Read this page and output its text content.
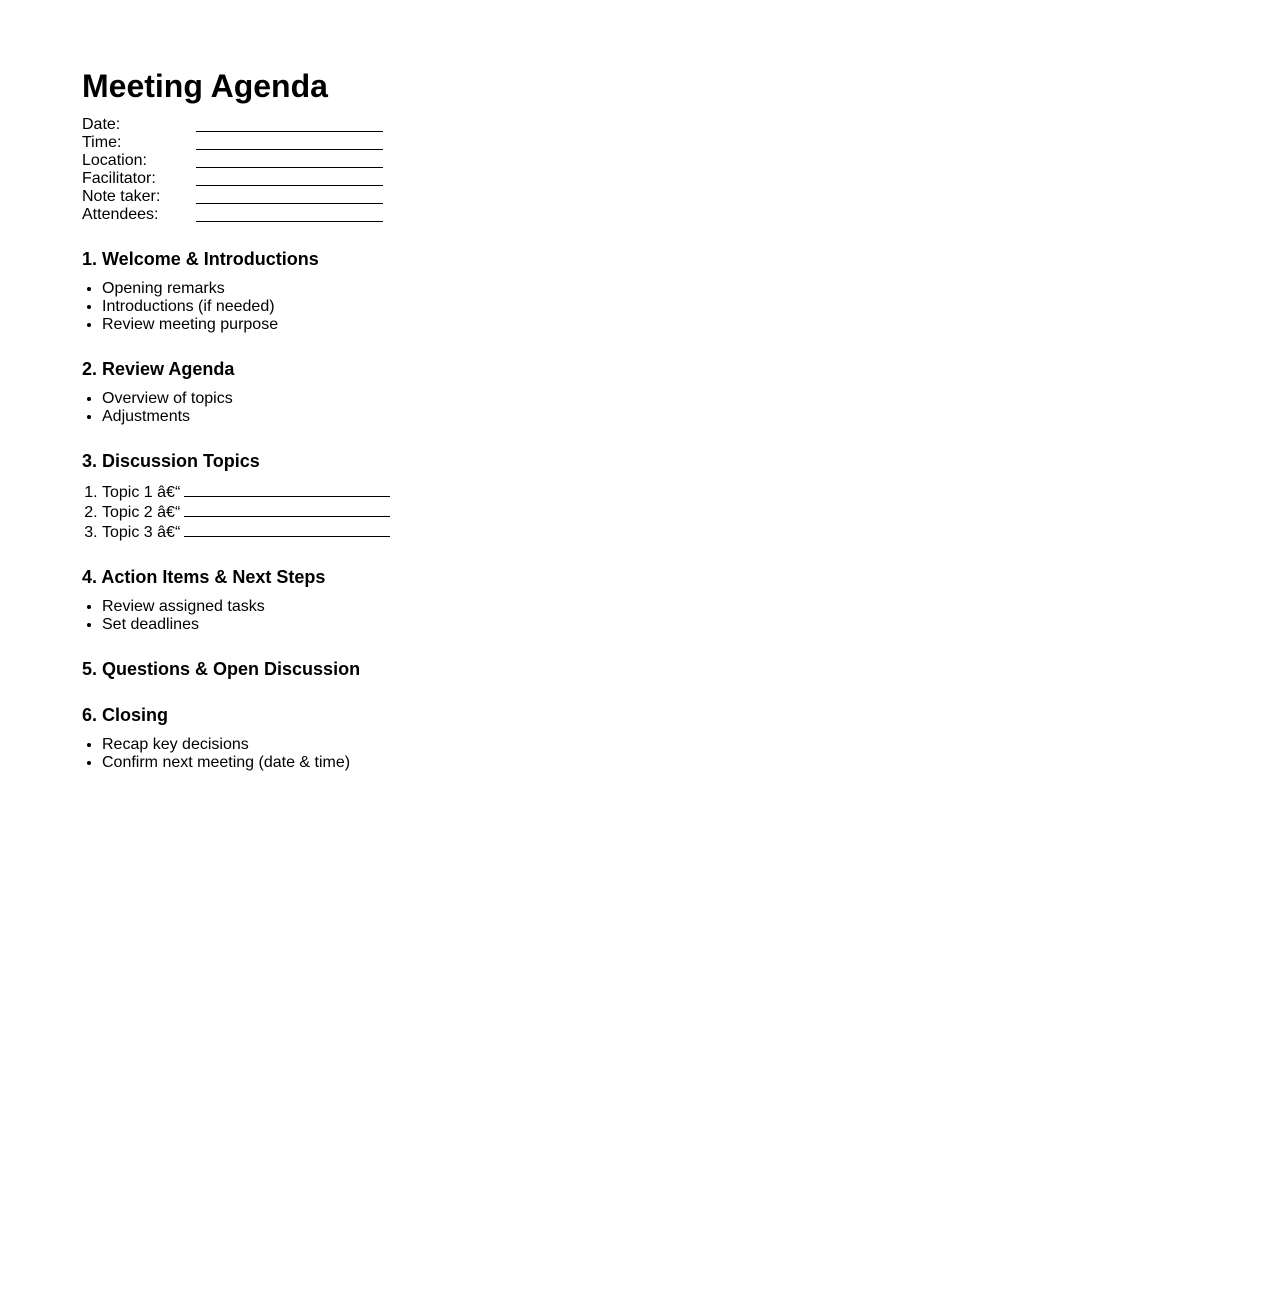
Meeting Agenda
Date:
Time:
Location:
Facilitator:
Note taker:
Attendees:
1. Welcome & Introductions
• Opening remarks
• Introductions (if needed)
• Review meeting purpose
2. Review Agenda
• Overview of topics
• Adjustments
3. Discussion Topics
1. Topic 1 â€“
2. Topic 2 â€“
3. Topic 3 â€“
4. Action Items & Next Steps
• Review assigned tasks
• Set deadlines
5. Questions & Open Discussion
6. Closing
• Recap key decisions
• Confirm next meeting (date & time)
